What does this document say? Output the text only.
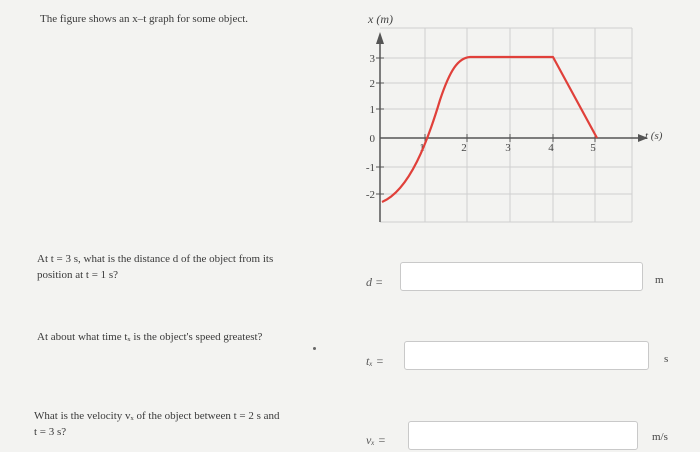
The figure shows an x–t graph for some object.	x (m)
t (s)
3
2
1
0
-1
-2
1	2	3	4	5
At t = 3 s, what is the distance d of the object from its
position at t = 1 s?	d =	m
At about what time tₓ is the object's speed greatest?
tₓ =	s
What is the velocity vₓ of the object between t = 2 s and
t = 3 s?
vₓ =	m/s
